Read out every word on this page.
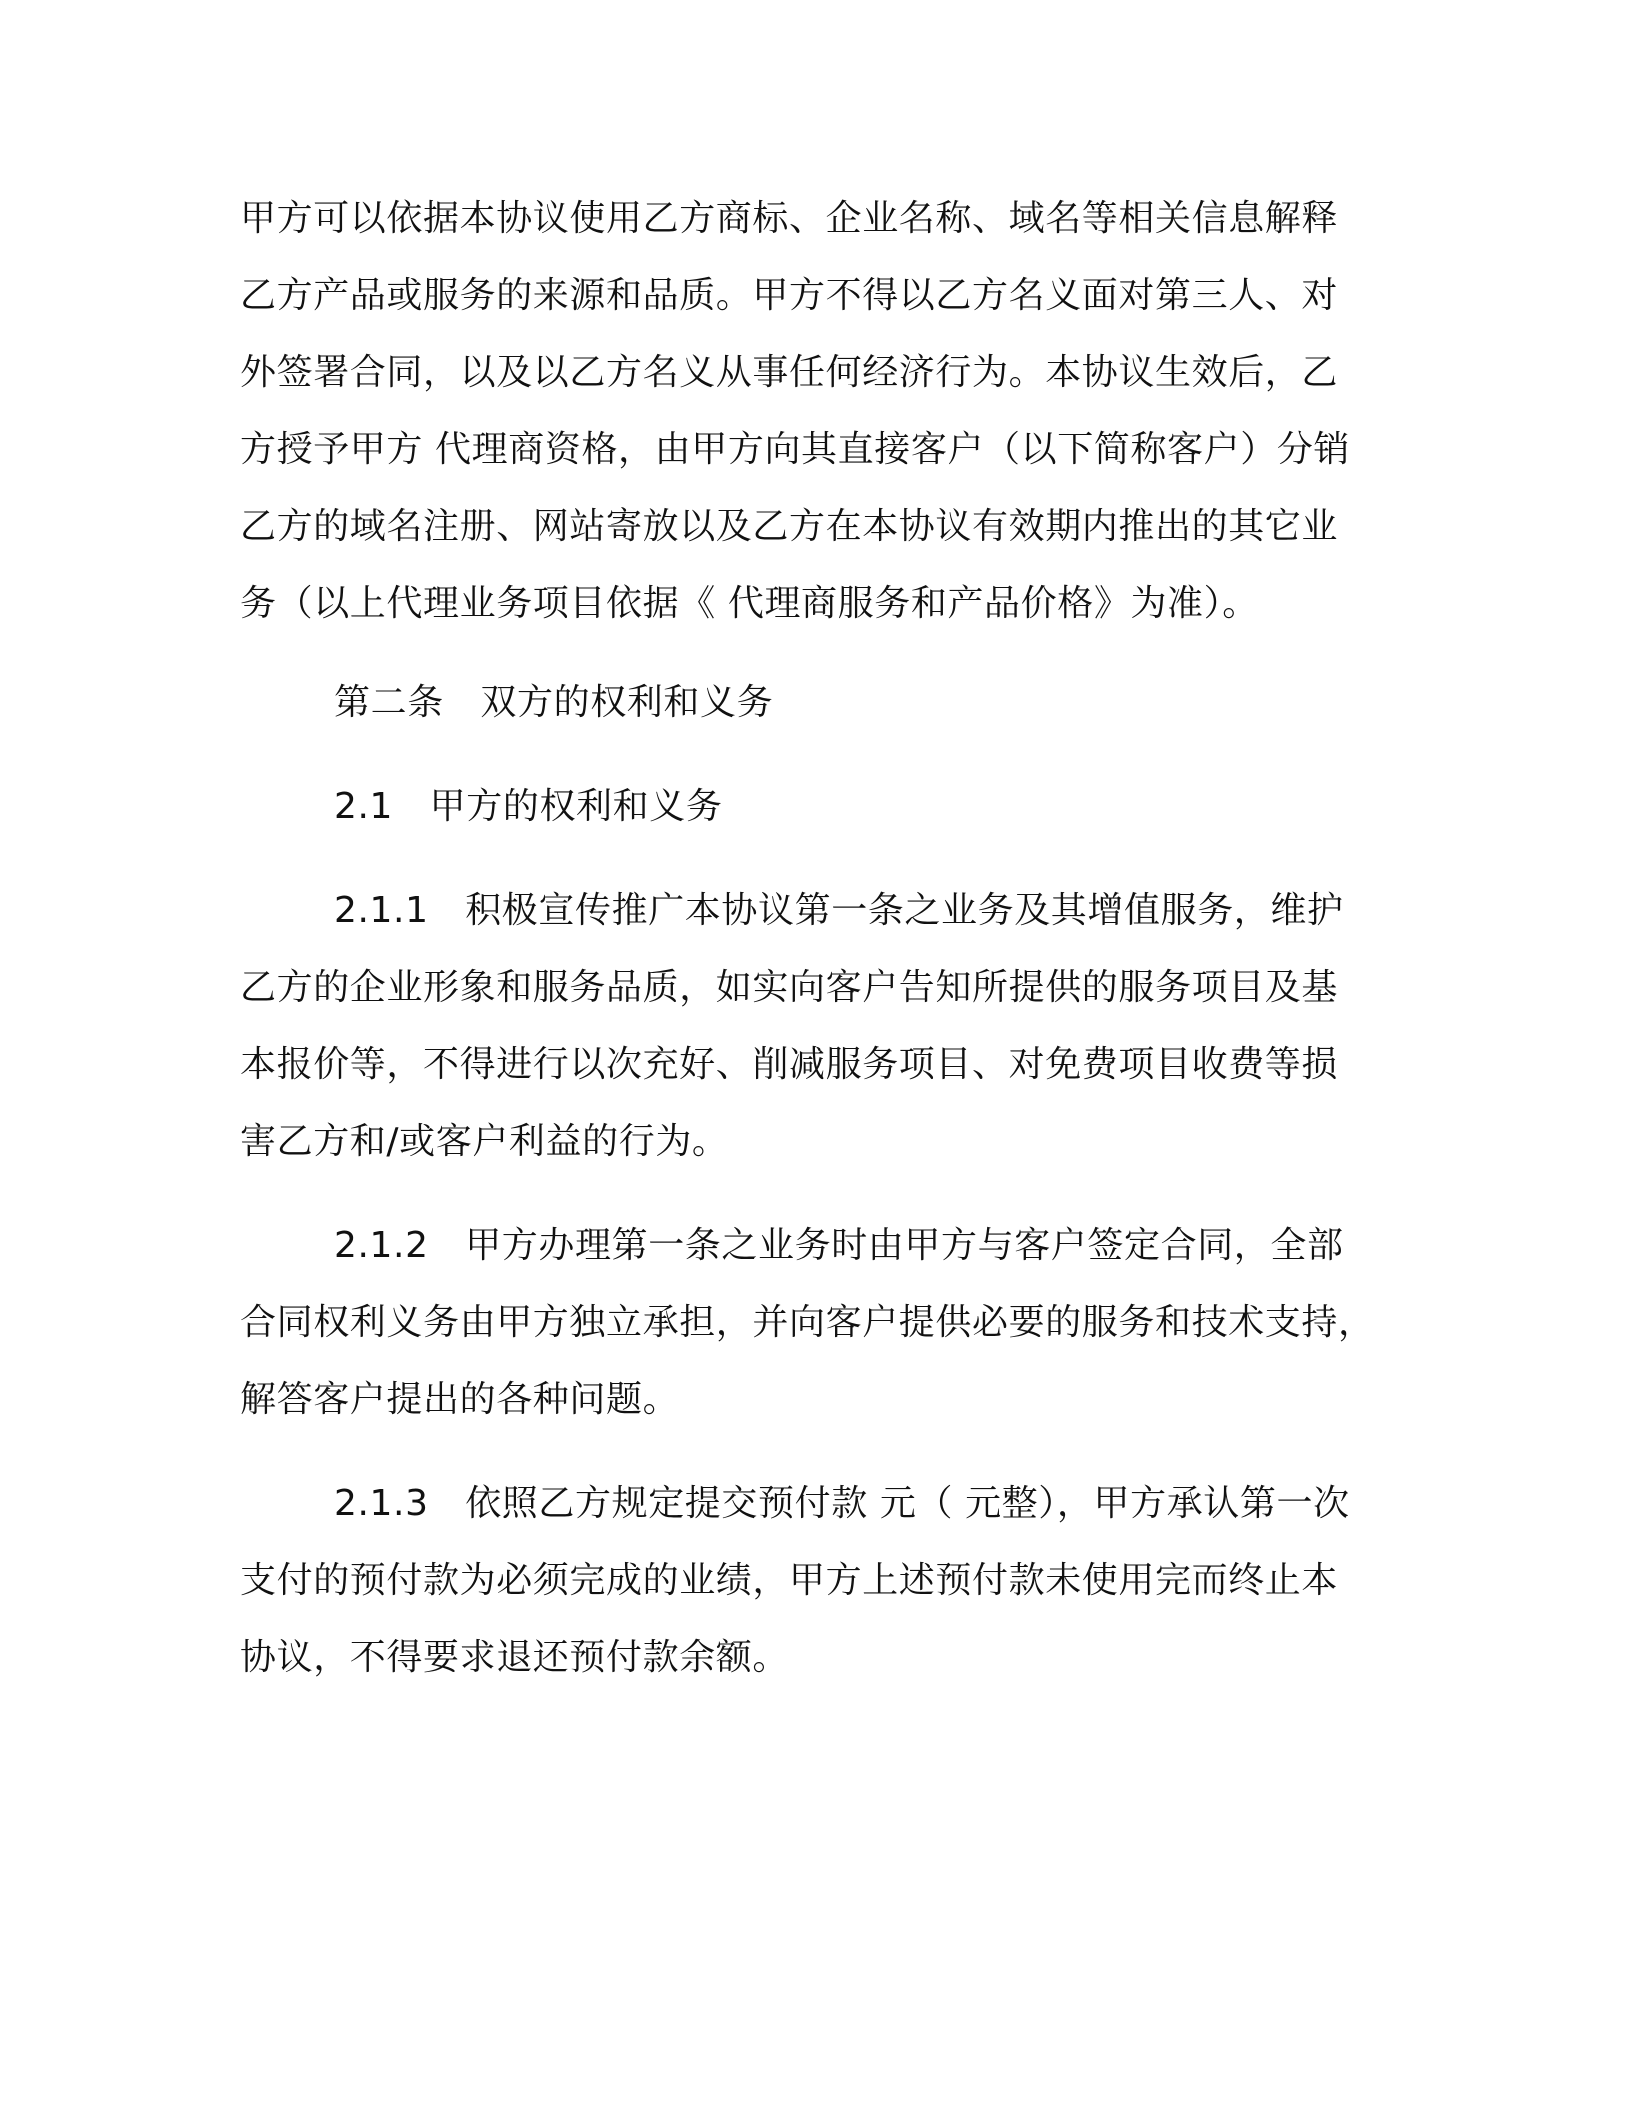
甲方可以依据本协议使用乙方商标、企业名称、域名等相关信息解释
乙方产品或服务的来源和品质。甲方不得以乙方名义面对第三人、对
外签署合同，以及以乙方名义从事任何经济行为。本协议生效后，乙
方授予甲方 代理商资格，由甲方向其直接客户（以下简称客户）分销
乙方的域名注册、网站寄放以及乙方在本协议有效期内推出的其它业
务（以上代理业务项目依据《 代理商服务和产品价格》为准）。
第二条　双方的权利和义务
2.1　甲方的权利和义务
2.1.1　积极宣传推广本协议第一条之业务及其增值服务，维护
乙方的企业形象和服务品质，如实向客户告知所提供的服务项目及基
本报价等，不得进行以次充好、削减服务项目、对免费项目收费等损
害乙方和/或客户利益的行为。
2.1.2　甲方办理第一条之业务时由甲方与客户签定合同，全部
合同权利义务由甲方独立承担，并向客户提供必要的服务和技术支持，
解答客户提出的各种问题。
2.1.3　依照乙方规定提交预付款 元（ 元整），甲方承认第一次
支付的预付款为必须完成的业绩，甲方上述预付款未使用完而终止本
协议，不得要求退还预付款余额。
